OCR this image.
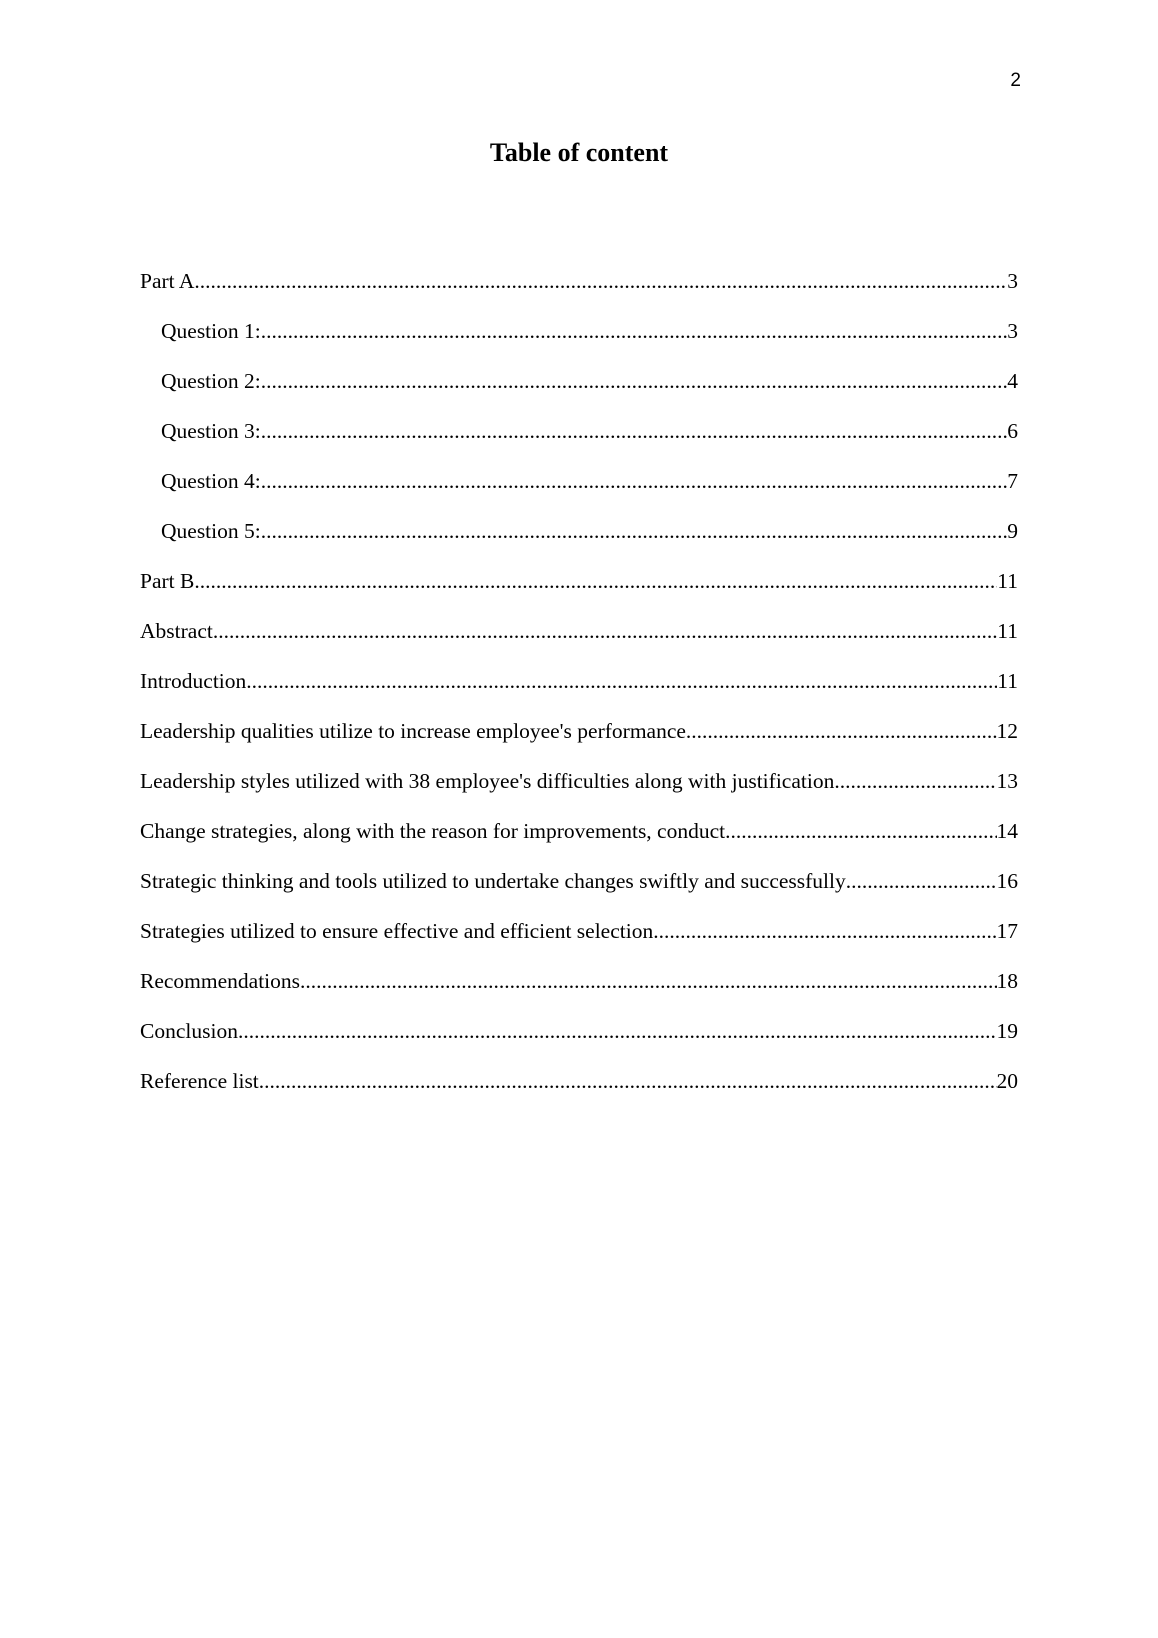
2
Table of content
Part A .....	3
Question 1: .....	3
Question 2: .....	4
Question 3: .....	6
Question 4: .....	7
Question 5: .....	9
Part B .....	11
Abstract .....	11
Introduction .....	11
Leadership qualities utilize to increase employee's performance .....	12
Leadership styles utilized with 38 employee's difficulties along with justification .....	13
Change strategies, along with the reason for improvements, conduct .....	14
Strategic thinking and tools utilized to undertake changes swiftly and successfully .....	16
Strategies utilized to ensure effective and efficient selection .....	17
Recommendations .....	18
Conclusion .....	19
Reference list .....	20
